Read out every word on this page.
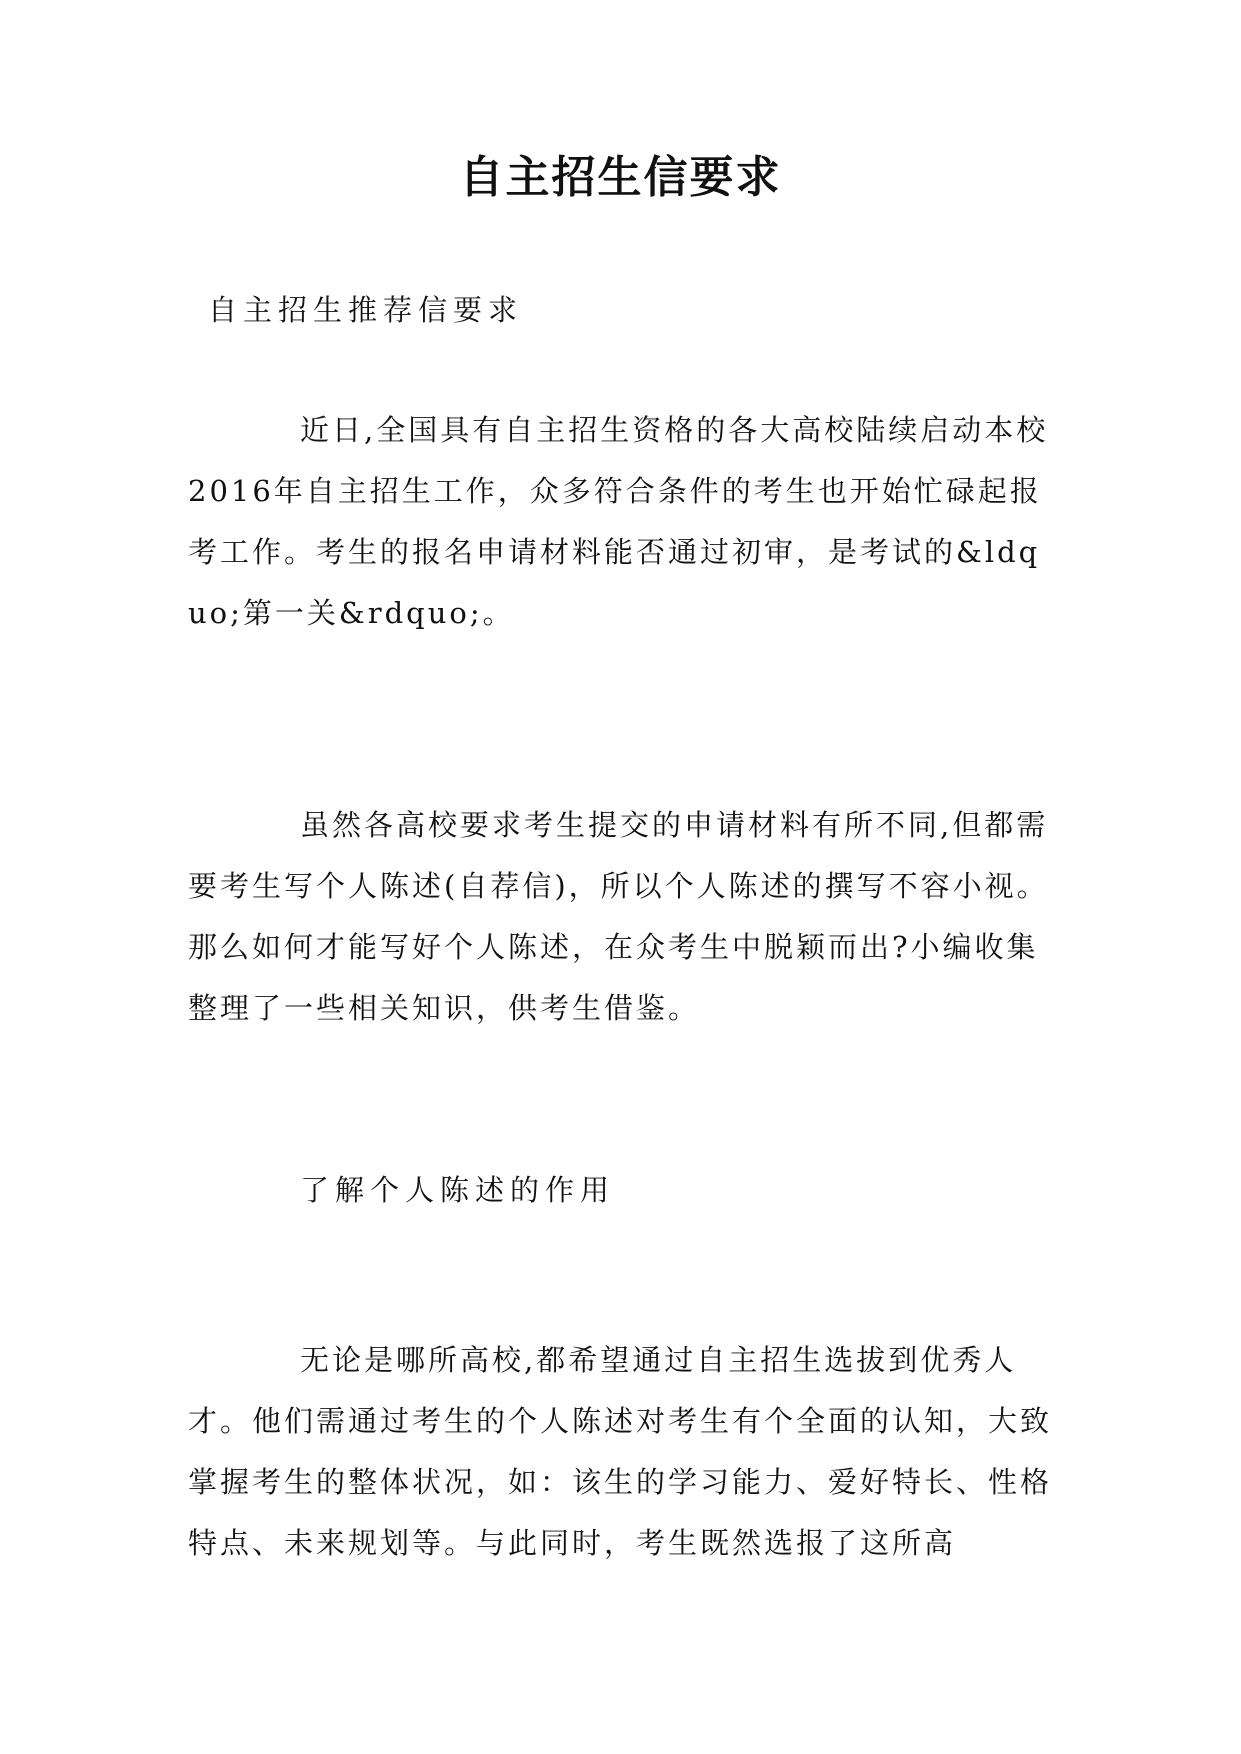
自主招生信要求

自主招生推荐信要求

近日,全国具有自主招生资格的各大高校陆续启动本校2016年自主招生工作，众多符合条件的考生也开始忙碌起报考工作。考生的报名申请材料能否通过初审，是考试的&ldquo;第一关&rdquo;。

虽然各高校要求考生提交的申请材料有所不同,但都需要考生写个人陈述(自荐信)，所以个人陈述的撰写不容小视。那么如何才能写好个人陈述，在众考生中脱颖而出?小编收集整理了一些相关知识，供考生借鉴。

了解个人陈述的作用

无论是哪所高校,都希望通过自主招生选拔到优秀人才。他们需通过考生的个人陈述对考生有个全面的认知，大致掌握考生的整体状况，如：该生的学习能力、爱好特长、性格特点、未来规划等。与此同时，考生既然选报了这所高
